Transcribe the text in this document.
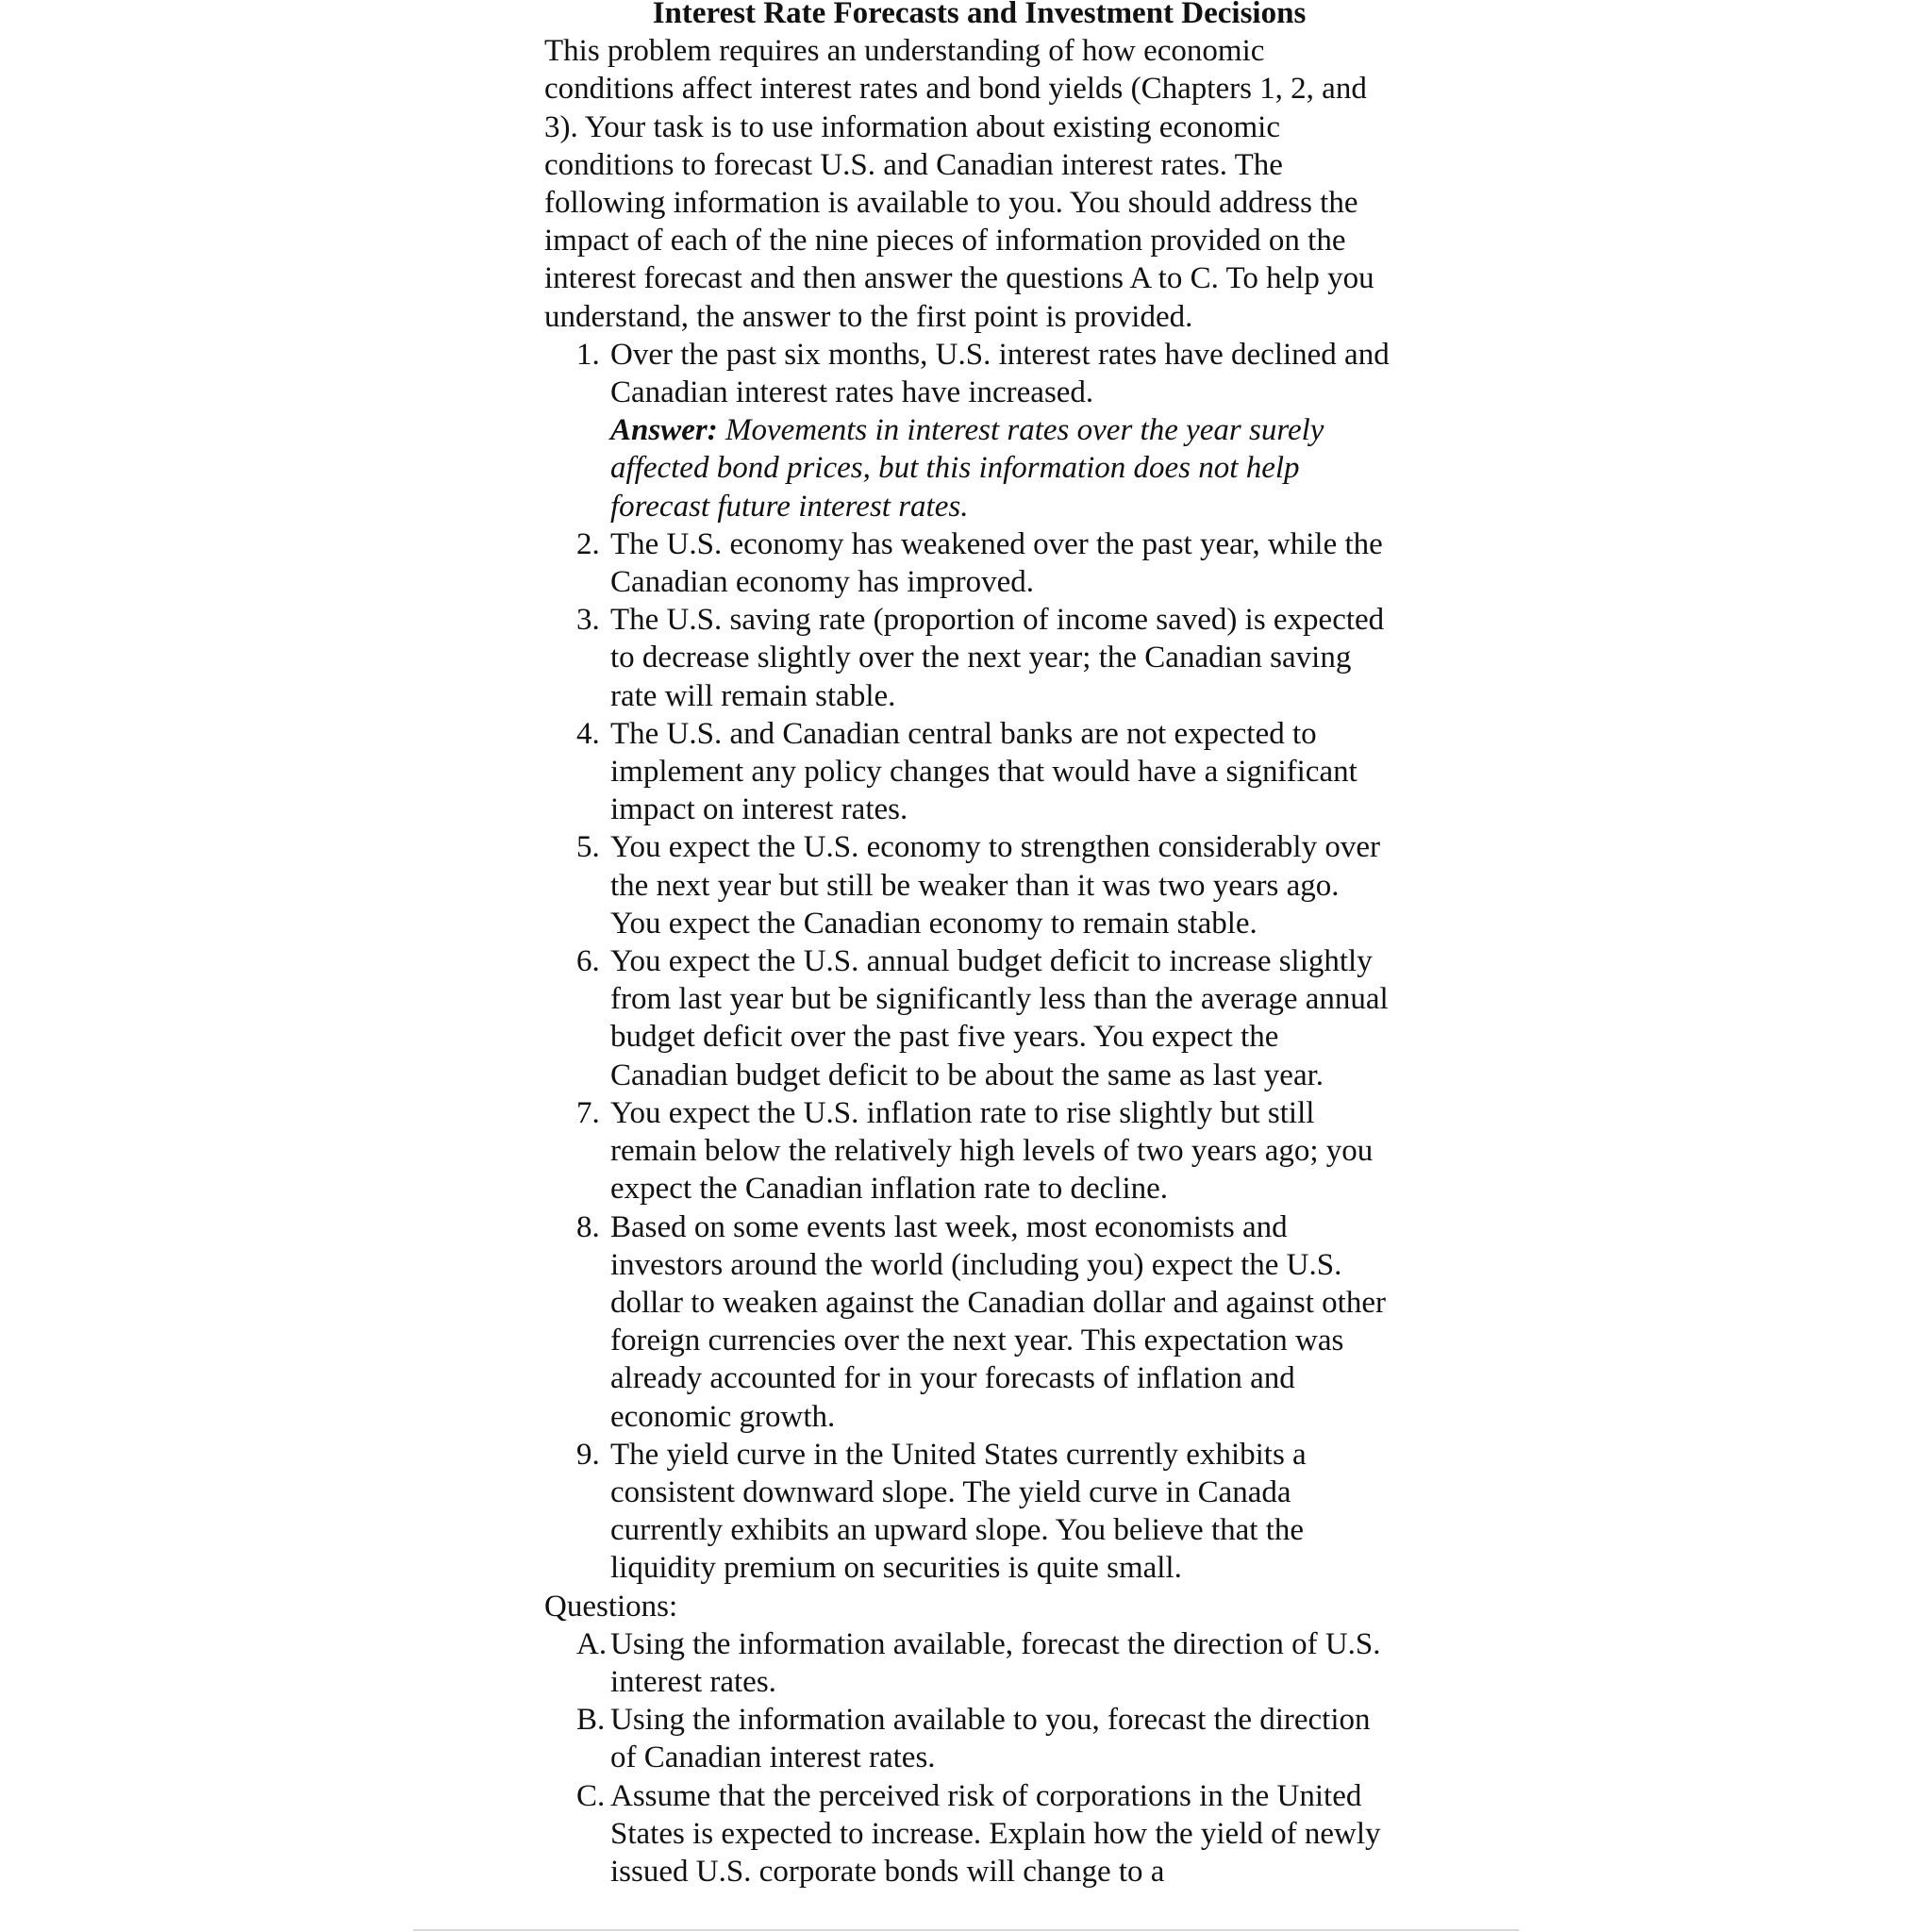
Interest Rate Forecasts and Investment Decisions

This problem requires an understanding of how economic conditions affect interest rates and bond yields (Chapters 1, 2, and 3). Your task is to use information about existing economic conditions to forecast U.S. and Canadian interest rates. The following information is available to you. You should address the impact of each of the nine pieces of information provided on the interest forecast and then answer the questions A to C. To help you understand, the answer to the first point is provided.

1. Over the past six months, U.S. interest rates have declined and Canadian interest rates have increased.
Answer: Movements in interest rates over the year surely affected bond prices, but this information does not help forecast future interest rates.
2. The U.S. economy has weakened over the past year, while the Canadian economy has improved.
3. The U.S. saving rate (proportion of income saved) is expected to decrease slightly over the next year; the Canadian saving rate will remain stable.
4. The U.S. and Canadian central banks are not expected to implement any policy changes that would have a significant impact on interest rates.
5. You expect the U.S. economy to strengthen considerably over the next year but still be weaker than it was two years ago. You expect the Canadian economy to remain stable.
6. You expect the U.S. annual budget deficit to increase slightly from last year but be significantly less than the average annual budget deficit over the past five years. You expect the Canadian budget deficit to be about the same as last year.
7. You expect the U.S. inflation rate to rise slightly but still remain below the relatively high levels of two years ago; you expect the Canadian inflation rate to decline.
8. Based on some events last week, most economists and investors around the world (including you) expect the U.S. dollar to weaken against the Canadian dollar and against other foreign currencies over the next year. This expectation was already accounted for in your forecasts of inflation and economic growth.
9. The yield curve in the United States currently exhibits a consistent downward slope. The yield curve in Canada currently exhibits an upward slope. You believe that the liquidity premium on securities is quite small.

Questions:

A. Using the information available, forecast the direction of U.S. interest rates.
B. Using the information available to you, forecast the direction of Canadian interest rates.
C. Assume that the perceived risk of corporations in the United States is expected to increase. Explain how the yield of newly issued U.S. corporate bonds will change to a
